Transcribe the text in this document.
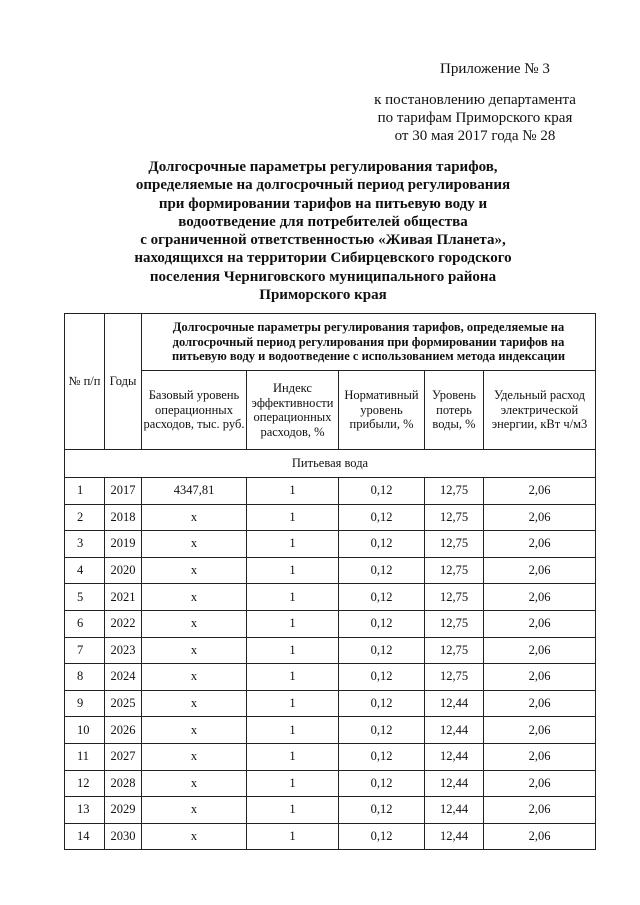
Приложение № 3
к постановлению департамента
по тарифам Приморского края
от 30 мая 2017 года № 28
Долгосрочные параметры регулирования тарифов,
определяемые на долгосрочный период регулирования
при формировании тарифов на питьевую воду и
водоотведение для потребителей общества
с ограниченной ответственностью «Живая Планета»,
находящихся на территории Сибирцевского городского
поселения Черниговского муниципального района
Приморского края
№ п/п	Годы	Долгосрочные параметры регулирования тарифов, определяемые на долгосрочный период регулирования при формировании тарифов на питьевую воду и водоотведение с использованием метода индексации				
		Базовый уровень операционных расходов, тыс. руб.	Индекс эффективности операционных расходов, %	Нормативный уровень прибыли, %	Уровень потерь воды, %	Удельный расход электрической энергии, кВт ч/м3
Питьевая вода						
1	2017	4347,81	1	0,12	12,75	2,06
2	2018	х	1	0,12	12,75	2,06
3	2019	х	1	0,12	12,75	2,06
4	2020	х	1	0,12	12,75	2,06
5	2021	х	1	0,12	12,75	2,06
6	2022	х	1	0,12	12,75	2,06
7	2023	х	1	0,12	12,75	2,06
8	2024	х	1	0,12	12,75	2,06
9	2025	х	1	0,12	12,44	2,06
10	2026	х	1	0,12	12,44	2,06
11	2027	х	1	0,12	12,44	2,06
12	2028	х	1	0,12	12,44	2,06
13	2029	х	1	0,12	12,44	2,06
14	2030	х	1	0,12	12,44	2,06
